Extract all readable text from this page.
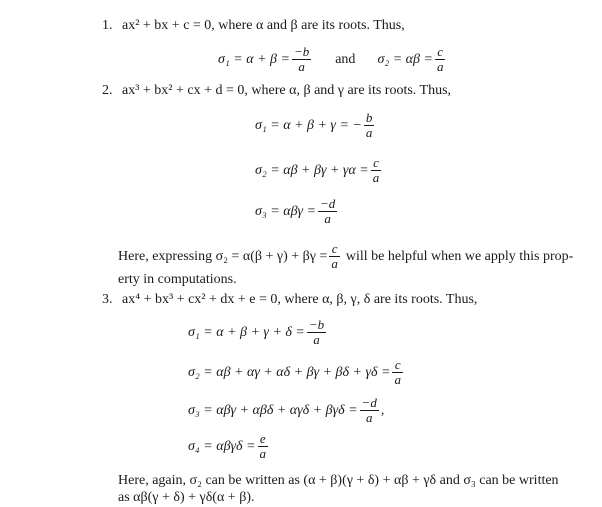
1. ax² + bx + c = 0, where α and β are its roots. Thus,
$\sigma_1 = \alpha + \beta = \frac{-b}{a}$ and $\sigma_2 = \alpha\beta = \frac{c}{a}$
2. ax³ + bx² + cx + d = 0, where α, β and γ are its roots. Thus,
σ₁ = α + β + γ = − $\frac{b}{a}$
$\sigma_2 = \alpha\beta + \beta\gamma + \gamma\alpha = \frac{c}{a}$
$\sigma_3 = \alpha\beta\gamma = \frac{-d}{a}$
Here, expressing $\sigma_2 = \alpha(\beta + \gamma) + \beta\gamma = \frac{c}{a}$ will be helpful when we apply this prop-
erty in computations.
3. ax⁴ + bx³ + cx² + dx + e = 0, where α, β, γ, δ are its roots. Thus,
$\sigma_1 = \alpha + \beta + \gamma + \delta = \frac{-b}{a}$
$\sigma_2 = \alpha\beta + \alpha\gamma + \alpha\delta + \beta\gamma + \beta\delta + \gamma\delta = \frac{c}{a}$
$\sigma_3 = \alpha\beta\gamma + \alpha\beta\delta + \alpha\gamma\delta + \beta\gamma\delta = \frac{-d}{a}$ ,
$\sigma_4 = \alpha\beta\gamma\delta = \frac{e}{a}$
Here, again, σ₂ can be written as (α + β)(γ + δ) + αβ + γδ and σ₃ can be written
as αβ(γ + δ) + γδ(α + β).
